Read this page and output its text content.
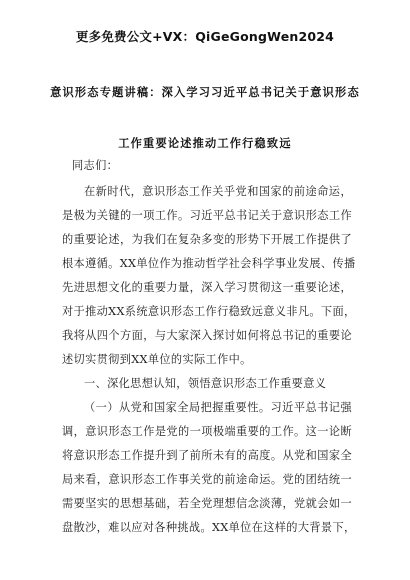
更多免费公文+VX：QiGeGongWen2024
意识形态专题讲稿：深入学习习近平总书记关于意识形态
工作重要论述推动工作行稳致远
同志们：
在新时代，意识形态工作关乎党和国家的前途命运，
是极为关键的一项工作。习近平总书记关于意识形态工作
的重要论述，为我们在复杂多变的形势下开展工作提供了
根本遵循。XX单位作为推动哲学社会科学事业发展、传播
先进思想文化的重要力量，深入学习贯彻这一重要论述，
对于推动XX系统意识形态工作行稳致远意义非凡。下面，
我将从四个方面，与大家深入探讨如何将总书记的重要论
述切实贯彻到XX单位的实际工作中。
一、深化思想认知，领悟意识形态工作重要意义
（一）从党和国家全局把握重要性。习近平总书记强
调，意识形态工作是党的一项极端重要的工作。这一论断
将意识形态工作提升到了前所未有的高度。从党和国家全
局来看，意识形态工作事关党的前途命运。党的团结统一
需要坚实的思想基础，若全党理想信念淡薄，党就会如一
盘散沙，难以应对各种挑战。XX单位在这样的大背景下，
